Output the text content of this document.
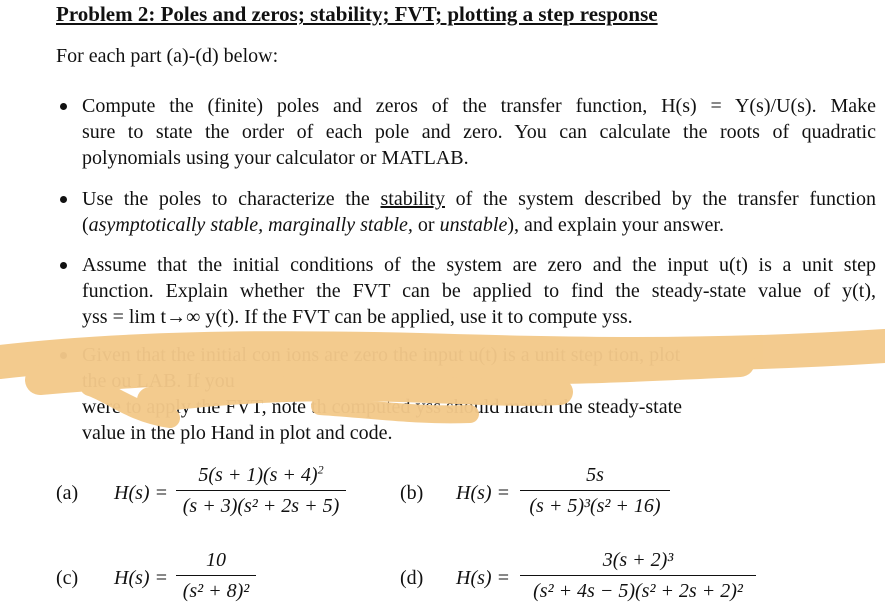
Problem 2: Poles and zeros; stability; FVT; plotting a step response
For each part (a)-(d) below:
Compute the (finite) poles and zeros of the transfer function, H(s) = Y(s)/U(s). Make
sure to state the order of each pole and zero. You can calculate the roots of quadratic
polynomials using your calculator or MATLAB.
Use the poles to characterize the stability of the system described by the transfer function
(asymptotically stable, marginally stable, or unstable), and explain your answer.
Assume that the initial conditions of the system are zero and the input u(t) is a unit step
function. Explain whether the FVT can be applied to find the steady-state value of y(t),
yss = lim t→∞ y(t). If the FVT can be applied, use it to compute yss.
Given that the initial con ions are zero the input u(t) is a unit step tion, plot
the ou LAB. If you
were to apply the FVT, note th computed yss should match the steady-state
value in the plo Hand in plot and code.
(a) H(s) =
$5(s + 1)(s + 4)^2$
(s + 3)(s² + 2s + 5)
(b) H(s) =
5s
(s + 5)³(s² + 16)
(c) H(s) =
10
(s² + 8)²
(d) H(s) =
3(s + 2)³
(s² + 4s − 5)(s² + 2s + 2)²
